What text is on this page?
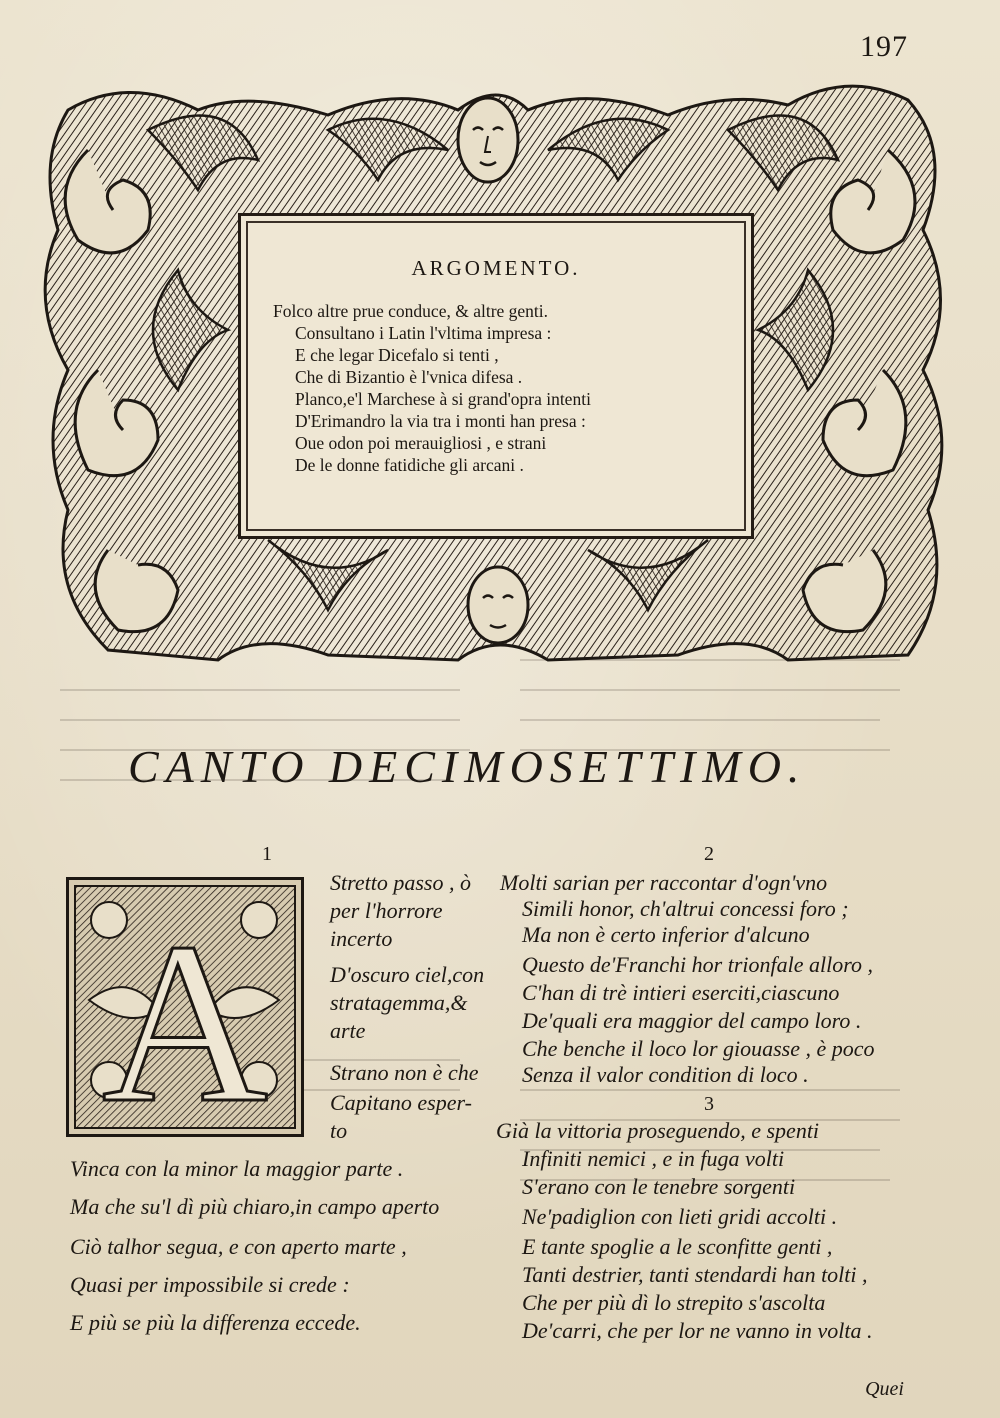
197
ARGOMENTO.
Folco altre prue conduce, & altre genti.
Consultano i Latin l'vltima impresa :
E che legar Dicefalo si tenti ,
Che di Bizantio è l'vnica difesa .
Planco,e'l Marchese à si grand'opra intenti
D'Erimandro la via tra i monti han presa :
Oue odon poi merauigliosi , e strani
De le donne fatidiche gli arcani .
CANTO DECIMOSETTIMO.
1	2
3
A
Stretto passo , ò
per l'horrore
incerto
D'oscuro ciel,con
stratagemma,&
arte
Strano non è che
Capitano esper-
to
Vinca con la minor la maggior parte .
Ma che su'l dì più chiaro,in campo aperto
Ciò talhor segua, e con aperto marte ,
Quasi per impossibile si crede :
E più se più la differenza eccede.
Molti sarian per raccontar d'ogn'vno
Simili honor, ch'altrui concessi foro ;
Ma non è certo inferior d'alcuno
Questo de'Franchi hor trionfale alloro ,
C'han di trè intieri eserciti,ciascuno
De'quali era maggior del campo loro .
Che benche il loco lor giouasse , è poco
Senza il valor condition di loco .
Già la vittoria proseguendo, e spenti
Infiniti nemici , e in fuga volti
S'erano con le tenebre sorgenti
Ne'padiglion con lieti gridi accolti .
E tante spoglie a le sconfitte genti ,
Tanti destrier, tanti stendardi han tolti ,
Che per più dì lo strepito s'ascolta
De'carri, che per lor ne vanno in volta .
Quei
